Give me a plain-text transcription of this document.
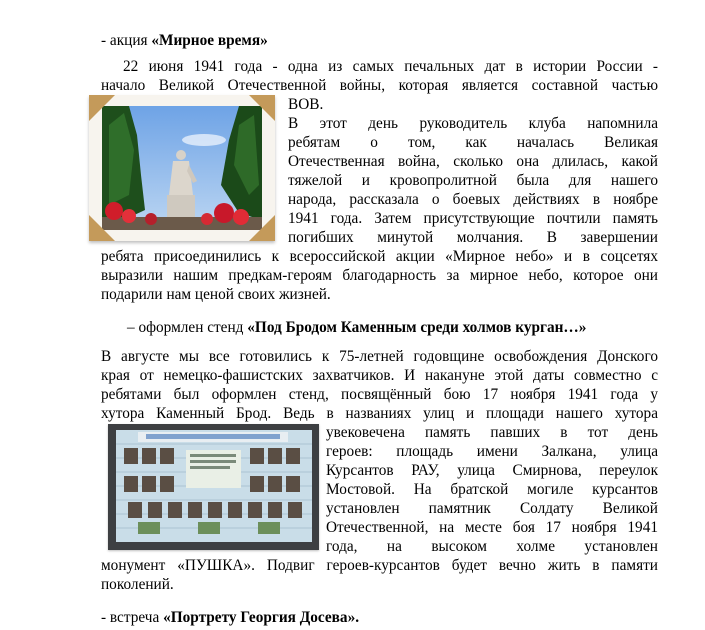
- акция «Мирное время»

22 июня 1941 года - одна из самых печальных дат в истории России -

начало Великой Отечественной войны, которая является составной частью

ВОВ.

В этот день руководитель клуба напомнила

ребятам о том, как началась Великая

Отечественная война, сколько она длилась, какой

тяжелой и кровопролитной была для нашего

народа, рассказала о боевых действиях в ноябре

1941 года. Затем присутствующие почтили память

погибших минутой молчания. В завершении

ребята присоединились к всероссийской акции «Мирное небо» и в соцсетях

выразили нашим предкам-героям благодарность за мирное небо, которое они

подарили нам ценой своих жизней.

– оформлен стенд «Под Бродом Каменным среди холмов курган…»

В августе мы все готовились к 75-летней годовщине освобождения Донского

края от немецко-фашистских захватчиков. И накануне этой даты совместно с

ребятами был оформлен стенд, посвящённый бою 17 ноября 1941 года у

хутора Каменный Брод. Ведь в названиях улиц и площади нашего хутора

увековечена память павших в тот день

героев: площадь имени Залкана, улица

Курсантов РАУ, улица Смирнова, переулок

Мостовой. На братской могиле курсантов

установлен памятник Солдату Великой

Отечественной, на месте боя 17 ноября 1941

года, на высоком холме установлен

монумент «ПУШКА». Подвиг героев-курсантов будет вечно жить в памяти

поколений.

- встреча «Портрету Георгия Досева».
